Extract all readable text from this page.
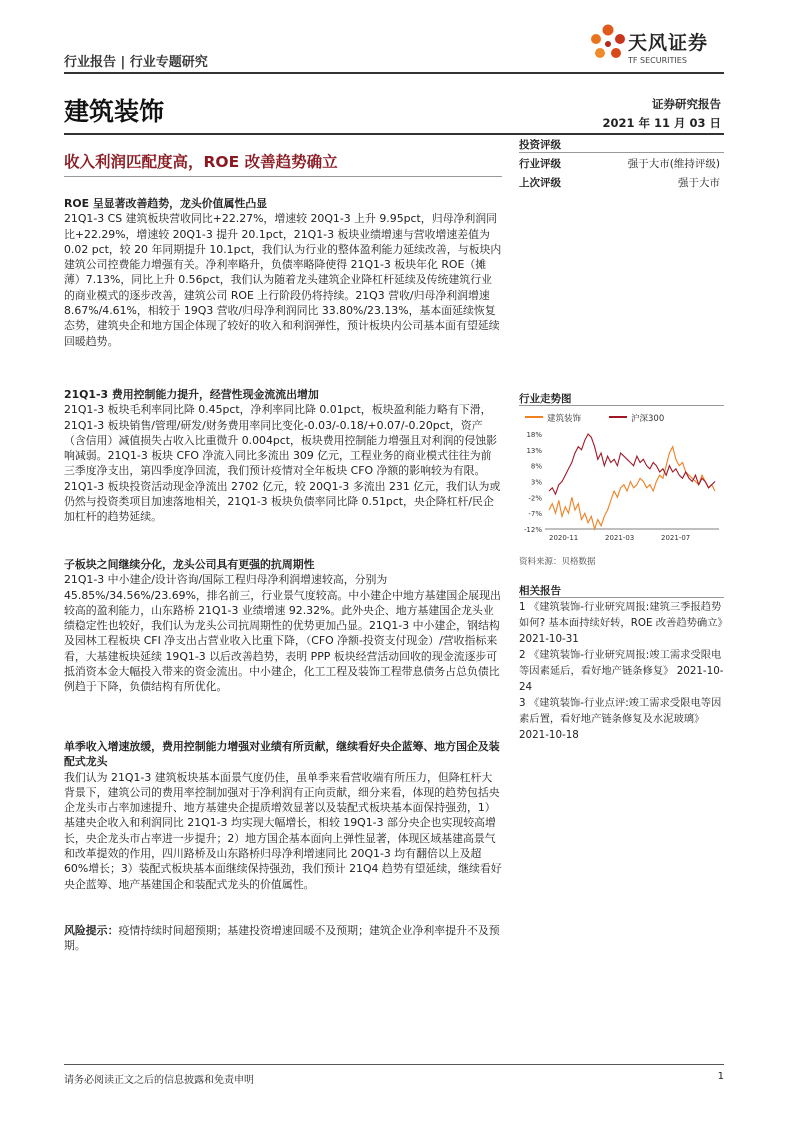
行业报告 | 行业专题研究
天风证券
TF SECURITIES
建筑装饰	证券研究报告
2021 年 11 月 03 日
收入利润匹配度高，ROE 改善趋势确立
投资评级
行业评级	强于大市(维持评级)
上次评级	强于大市
行业走势图
建筑装饰	沪深300
18%
13%
8%
3%
-2%
-7%
-12%
2020-11	2021-03	2021-07
资料来源：贝格数据
相关报告
1 《建筑装饰-行业研究周报:建筑三季报趋势如何? 基本面持续好转，ROE 改善趋势确立》 2021-10-31
2 《建筑装饰-行业研究周报:竣工需求受限电等因素延后，看好地产链条修复》 2021-10-24
3 《建筑装饰-行业点评:竣工需求受限电等因素后置，看好地产链条修复及水泥玻璃》 2021-10-18
ROE 呈显著改善趋势，龙头价值属性凸显

21Q1-3 CS 建筑板块营收同比+22.27%，增速较 20Q1-3 上升 9.95pct，归母净利润同比+22.29%，增速较 20Q1-3 提升 20.1pct，21Q1-3 板块业绩增速与营收增速差值为 0.02 pct，较 20 年同期提升 10.1pct，我们认为行业的整体盈利能力延续改善，与板块内建筑公司控费能力增强有关。净利率略升，负债率略降使得 21Q1-3 板块年化 ROE（摊薄）7.13%，同比上升 0.56pct，我们认为随着龙头建筑企业降杠杆延续及传统建筑行业的商业模式的逐步改善，建筑公司 ROE 上行阶段仍将持续。21Q3 营收/归母净利润增速 8.67%/4.61%，相较于 19Q3 营收/归母净利润同比 33.80%/23.13%，基本面延续恢复态势，建筑央企和地方国企体现了较好的收入和利润弹性，预计板块内公司基本面有望延续回暖趋势。

21Q1-3 费用控制能力提升，经营性现金流流出增加

21Q1-3 板块毛利率同比降 0.45pct，净利率同比降 0.01pct，板块盈利能力略有下滑，21Q1-3 板块销售/管理/研发/财务费用率同比变化-0.03/-0.18/+0.07/-0.20pct，资产（含信用）减值损失占收入比重微升 0.004pct，板块费用控制能力增强且对利润的侵蚀影响减弱。21Q1-3 板块 CFO 净流入同比多流出 309 亿元，工程业务的商业模式往往为前三季度净支出，第四季度净回流，我们预计疫情对全年板块 CFO 净额的影响较为有限。21Q1-3 板块投资活动现金净流出 2702 亿元，较 20Q1-3 多流出 231 亿元，我们认为或仍然与投资类项目加速落地相关，21Q1-3 板块负债率同比降 0.51pct，央企降杠杆/民企加杠杆的趋势延续。

子板块之间继续分化，龙头公司具有更强的抗周期性

21Q1-3 中小建企/设计咨询/国际工程归母净利润增速较高，分别为 45.85%/34.56%/23.69%，排名前三，行业景气度较高。中小建企中地方基建国企展现出较高的盈利能力，山东路桥 21Q1-3 业绩增速 92.32%。此外央企、地方基建国企龙头业绩稳定性也较好，我们认为龙头公司抗周期性的优势更加凸显。21Q1-3 中小建企，钢结构及园林工程板块 CFI 净支出占营业收入比重下降，（CFO 净额-投资支付现金）/营收指标来看，大基建板块延续 19Q1-3 以后改善趋势，表明 PPP 板块经营活动回收的现金流逐步可抵消资本金大幅投入带来的资金流出。中小建企，化工工程及装饰工程带息债务占总负债比例趋于下降，负债结构有所优化。

单季收入增速放缓，费用控制能力增强对业绩有所贡献，继续看好央企蓝筹、地方国企及装配式龙头

我们认为 21Q1-3 建筑板块基本面景气度仍佳，虽单季来看营收端有所压力，但降杠杆大背景下，建筑公司的费用率控制加强对于净利润有正向贡献，细分来看，体现的趋势包括央企龙头市占率加速提升、地方基建央企提质增效显著以及装配式板块基本面保持强劲，1）基建央企收入和利润同比 21Q1-3 均实现大幅增长，相较 19Q1-3 部分央企也实现较高增长，央企龙头市占率进一步提升；2）地方国企基本面向上弹性显著，体现区域基建高景气和改革提效的作用，四川路桥及山东路桥归母净利增速同比 20Q1-3 均有翻倍以上及超 60%增长；3）装配式板块基本面继续保持强劲，我们预计 21Q4 趋势有望延续，继续看好央企蓝筹、地产基建国企和装配式龙头的价值属性。

风险提示：疫情持续时间超预期；基建投资增速回暖不及预期；建筑企业净利率提升不及预期。
请务必阅读正文之后的信息披露和免责申明	1
